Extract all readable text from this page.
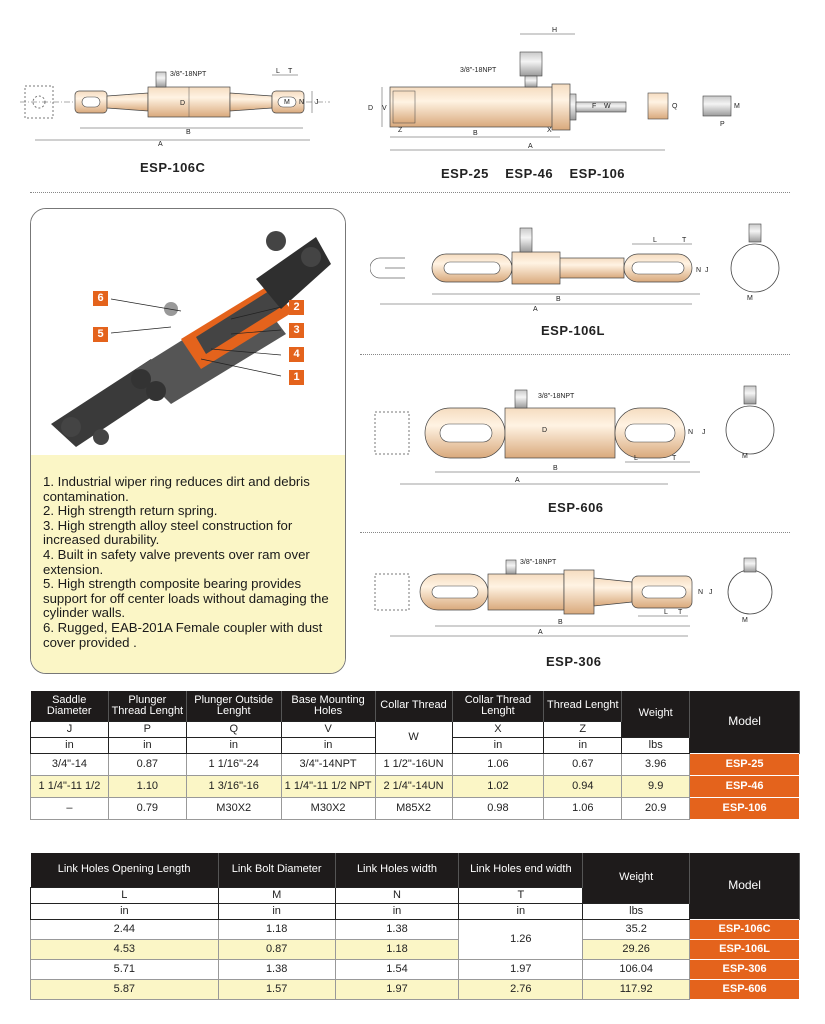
3/8"-18NPT
D
B
A
L T
M N J
ESP-106C
3/8"-18NPT
H
A
B
D V
Z	X
F W	Q
P
M
ESP-25    ESP-46    ESP-106
6
5
2
3
4
1
1. Industrial wiper ring reduces dirt and debris contamination.
2. High strength return spring.
3. High strength alloy steel construction for increased durability.
4. Built in safety valve prevents over ram over extension.
5. High strength composite bearing provides support for off center loads without damaging the cylinder walls.
6. Rugged, EAB-201A Female coupler with dust cover provided .
L	T
N J
B
A
M
ESP-106L
3/8"-18NPT
D	N J
L	T
B
A
M
ESP-606
3/8"-18NPT
N J
L T
B
A
M
ESP-306
Saddle Diameter	Plunger Thread Lenght	Plunger Outside Lenght	Base Mounting Holes	Collar Thread	Collar Thread Lenght	Thread Lenght	Weight	Model
J	P	Q	V	W	X	Z		
in	in	in	in		in	in	lbs	
3/4"-14	0.87	1 1/16"-24	3/4"-14NPT	1 1/2"-16UN	1.06	0.67	3.96	ESP-25
1 1/4"-11 1/2	1.10	1 3/16"-16	1 1/4"-11 1/2 NPT	2 1/4"-14UN	1.02	0.94	9.9	ESP-46
–	0.79	M30X2	M30X2	M85X2	0.98	1.06	20.9	ESP-106
Link Holes Opening Length	Link Bolt Diameter	Link Holes width	Link Holes end width	Weight	Model
L	M	N	T		
in	in	in	in	lbs	
2.44	1.18	1.38	1.26	35.2	ESP-106C
4.53	0.87	1.18		29.26	ESP-106L
5.71	1.38	1.54	1.97	106.04	ESP-306
5.87	1.57	1.97	2.76	117.92	ESP-606
